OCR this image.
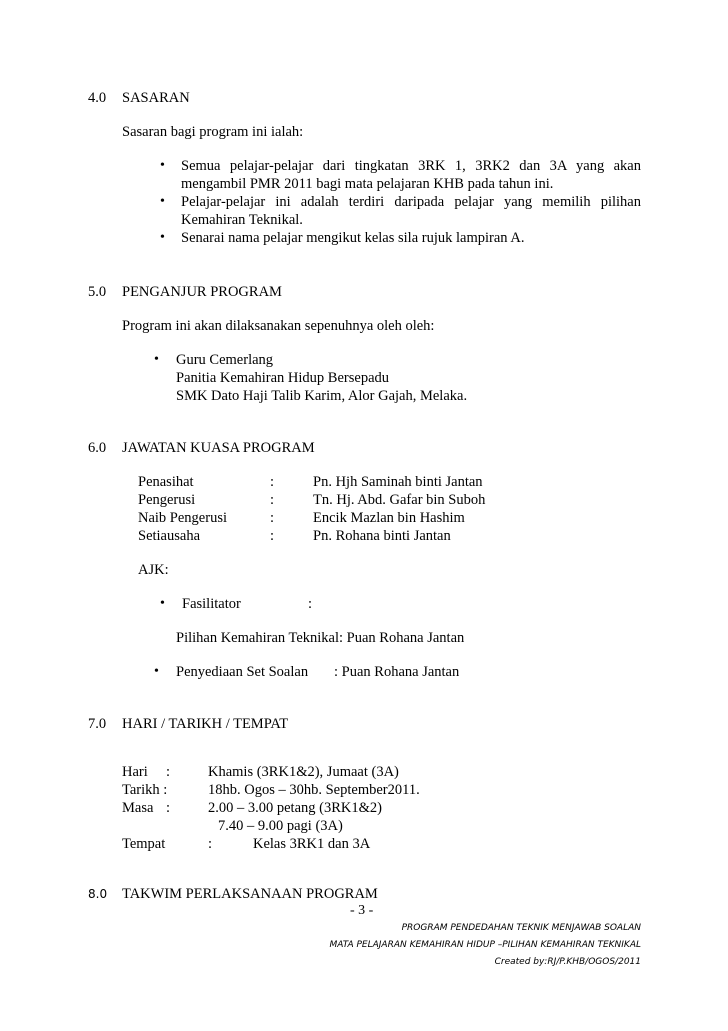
4.0 SASARAN
Sasaran bagi program ini ialah:
• Semua pelajar-pelajar dari tingkatan 3RK 1, 3RK2 dan 3A yang akan mengambil PMR 2011 bagi mata pelajaran KHB pada tahun ini.
• Pelajar-pelajar ini adalah terdiri daripada pelajar yang memilih pilihan Kemahiran Teknikal.
• Senarai nama pelajar mengikut kelas sila rujuk lampiran A.
5.0 PENGANJUR PROGRAM
Program ini akan dilaksanakan sepenuhnya oleh oleh:
• Guru Cemerlang
Panitia Kemahiran Hidup Bersepadu
SMK Dato Haji Talib Karim, Alor Gajah, Melaka.
6.0 JAWATAN KUASA PROGRAM
Penasihat	:	Pn. Hjh Saminah binti Jantan
Pengerusi	:	Tn. Hj. Abd. Gafar bin Suboh
Naib Pengerusi	:	Encik Mazlan bin Hashim
Setiausaha	:	Pn. Rohana binti Jantan
AJK:
• Fasilitator	:
Pilihan Kemahiran Teknikal: Puan Rohana Jantan
• Penyediaan Set Soalan : Puan Rohana Jantan
7.0 HARI / TARIKH / TEMPAT
Hari :	Khamis (3RK1&2), Jumaat (3A)
Tarikh :	18hb. Ogos – 30hb. September2011.
Masa :	2.00 – 3.00 petang (3RK1&2)
7.40 – 9.00 pagi (3A)
Tempat	:	Kelas 3RK1 dan 3A
8.0 TAKWIM PERLAKSANAAN PROGRAM
- 3 -
PROGRAM PENDEDAHAN TEKNIK MENJAWAB SOALAN
MATA PELAJARAN KEMAHIRAN HIDUP –PILIHAN KEMAHIRAN TEKNIKAL
Created by:RJ/P.KHB/OGOS/2011
